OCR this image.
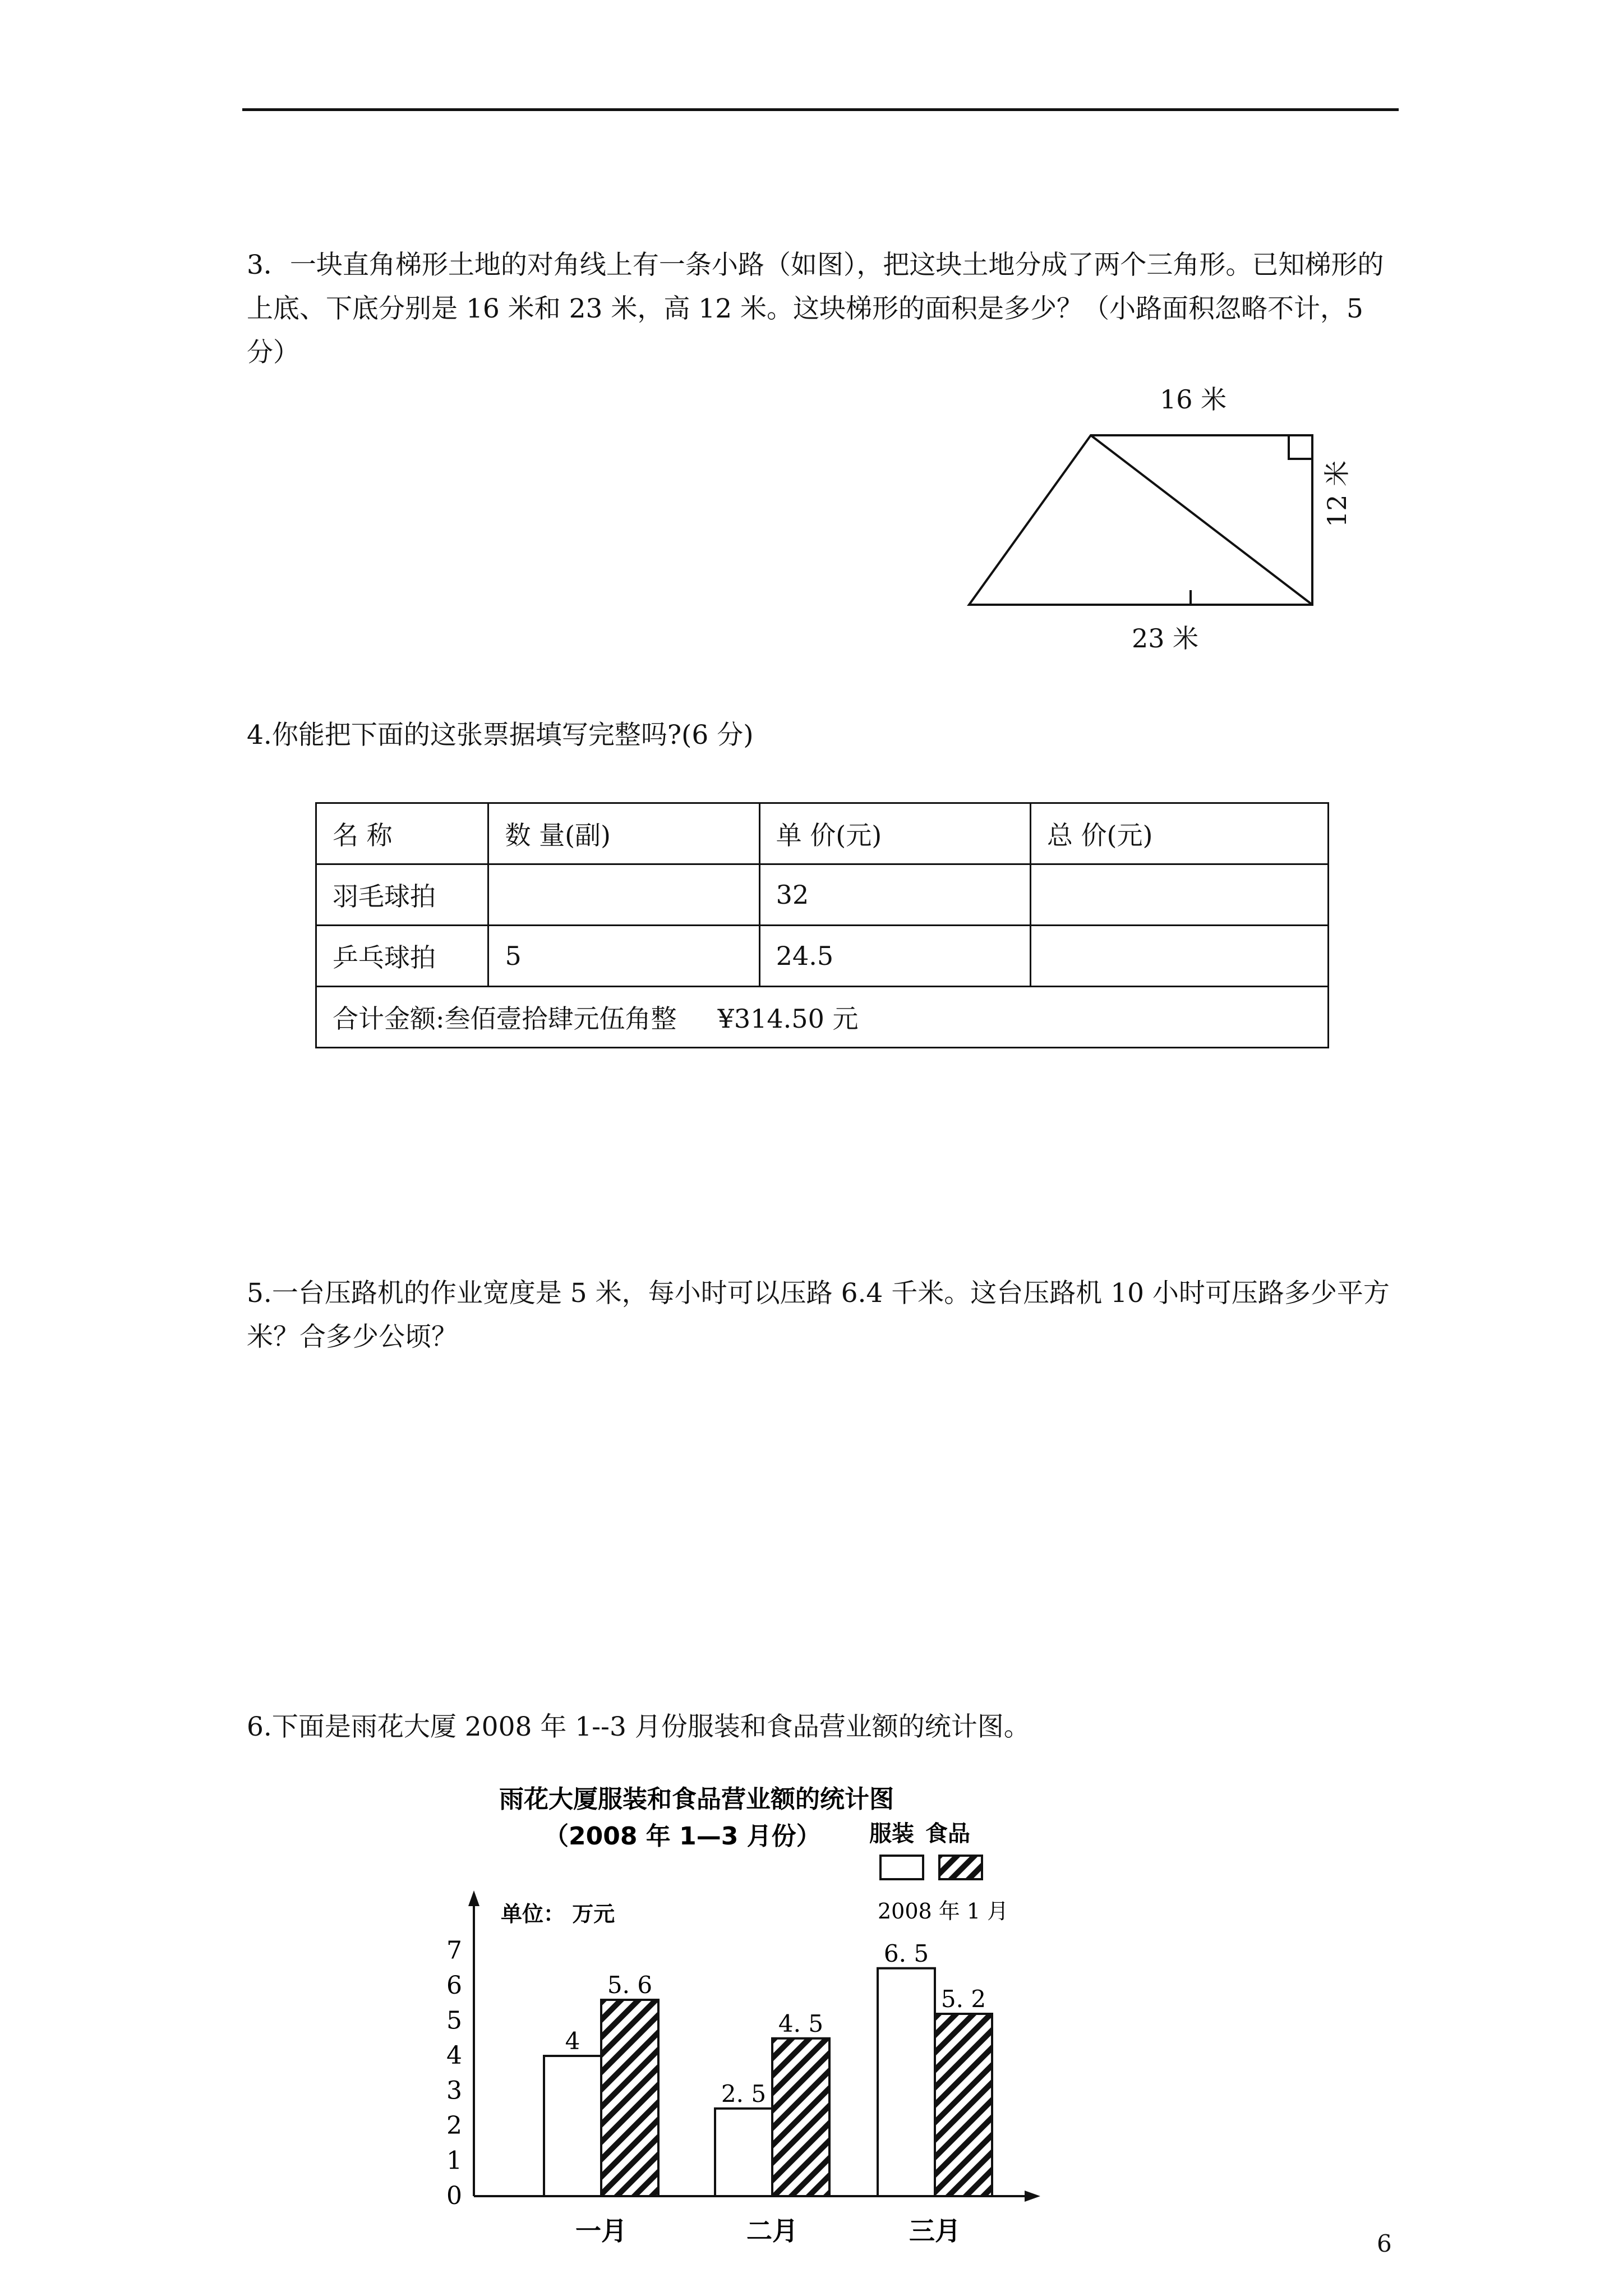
3．一块直角梯形土地的对角线上有一条小路（如图），把这块土地分成了两个三角形。已知梯形的上底、下底分别是 16 米和 23 米，高 12 米。这块梯形的面积是多少？（小路面积忽略不计，5 分）

16 米
23 米
12 米

4.你能把下面的这张票据填写完整吗?(6 分)

名 称	数 量(副)	单 价(元)	总 价(元)
羽毛球拍		32	
乒乓球拍	5	24.5	
合计金额:叁佰壹拾肆元伍角整     ¥314.50 元			

5.一台压路机的作业宽度是 5 米，每小时可以压路 6.4 千米。这台压路机 10 小时可压路多少平方米？合多少公顷？

6.下面是雨花大厦 2008 年 1--3 月份服装和食品营业额的统计图。

雨花大厦服装和食品营业额的统计图
（2008 年 1—3 月份） 服装 食品
2008 年 1 月
单位： 万元
0
1
2
3
4
5
6
7
4
5. 6
一月
2. 5
4. 5
二月
6. 5
5. 2
三月	6
